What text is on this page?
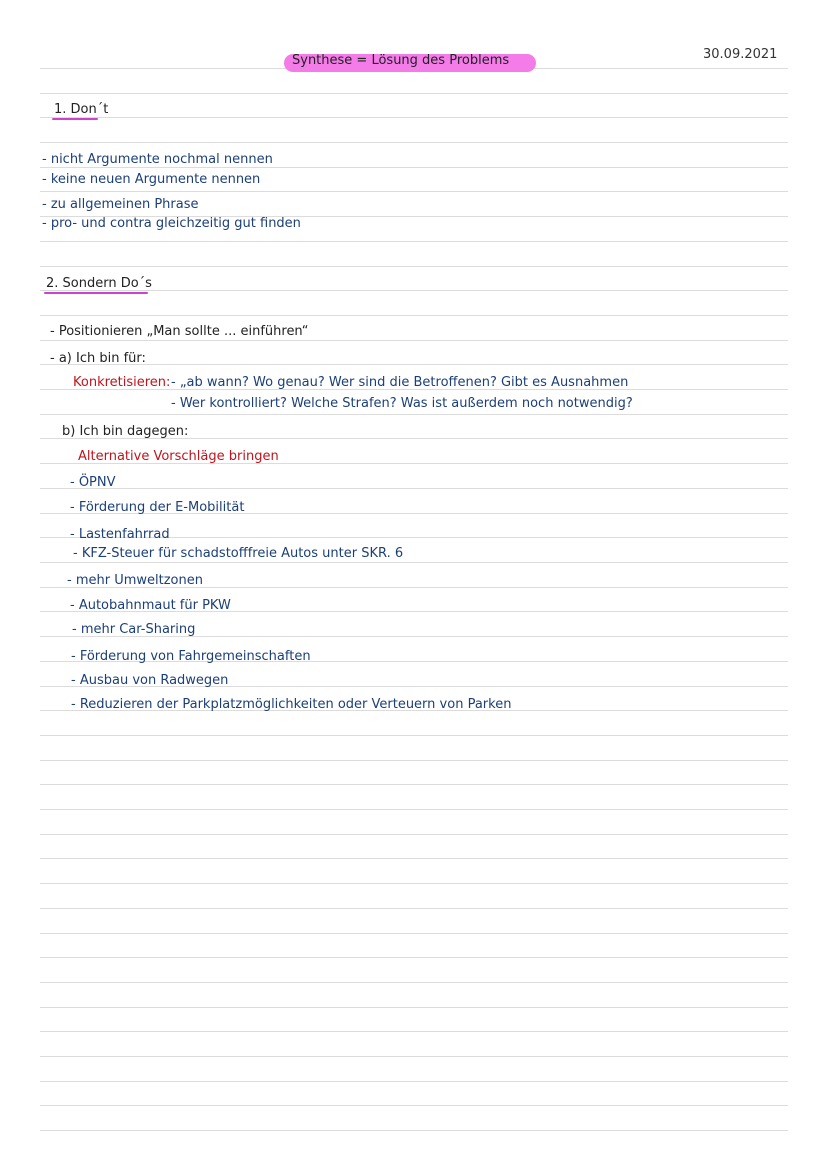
Synthese = Lösung des Problems	30.09.2021
1. Don´t
- nicht Argumente nochmal nennen
- keine neuen Argumente nennen
- zu allgemeinen Phrase
- pro- und contra gleichzeitig gut finden
2. Sondern Do´s
- Positionieren „Man sollte ... einführen“
- a) Ich bin für:
Konkretisieren: - „ab wann? Wo genau? Wer sind die Betroffenen? Gibt es Ausnahmen
- Wer kontrolliert? Welche Strafen? Was ist außerdem noch notwendig?
b) Ich bin dagegen:
Alternative Vorschläge bringen
- ÖPNV
- Förderung der E-Mobilität
- Lastenfahrrad
- KFZ-Steuer für schadstofffreie Autos unter SKR. 6
- mehr Umweltzonen
- Autobahnmaut für PKW
- mehr Car-Sharing
- Förderung von Fahrgemeinschaften
- Ausbau von Radwegen
- Reduzieren der Parkplatzmöglichkeiten oder Verteuern von Parken
